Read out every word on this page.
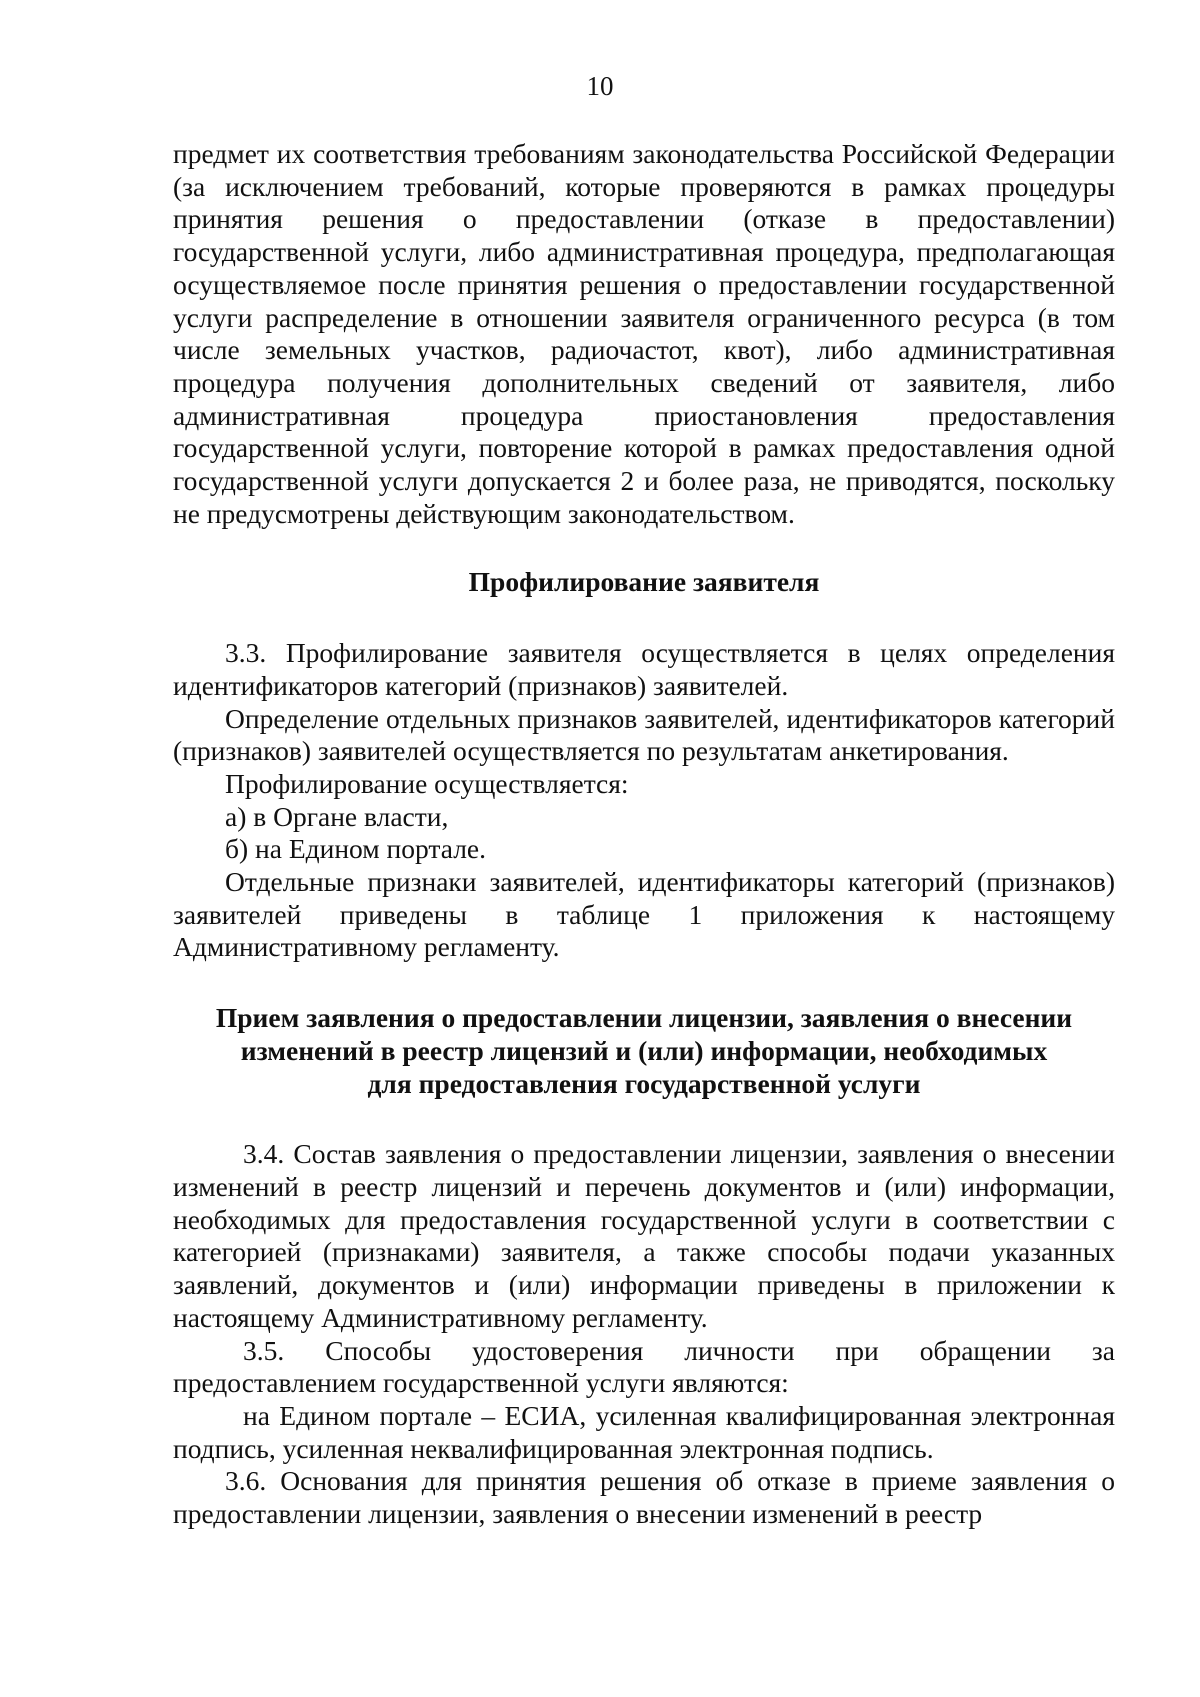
10

предмет их соответствия требованиям законодательства Российской Федерации (за исключением требований, которые проверяются в рамках процедуры принятия решения о предоставлении (отказе в предоставлении) государственной услуги, либо административная процедура, предполагающая осуществляемое после принятия решения о предоставлении государственной услуги распределение в отношении заявителя ограниченного ресурса (в том числе земельных участков, радиочастот, квот), либо административная процедура получения дополнительных сведений от заявителя, либо административная процедура приостановления предоставления государственной услуги, повторение которой в рамках предоставления одной государственной услуги допускается 2 и более раза, не приводятся, поскольку не предусмотрены действующим законодательством.

Профилирование заявителя

3.3. Профилирование заявителя осуществляется в целях определения идентификаторов категорий (признаков) заявителей.

Определение отдельных признаков заявителей, идентификаторов категорий (признаков) заявителей осуществляется по результатам анкетирования.

Профилирование осуществляется:

а) в Органе власти,

б) на Едином портале.

Отдельные признаки заявителей, идентификаторы категорий (признаков) заявителей приведены в таблице 1 приложения к настоящему Административному регламенту.

Прием заявления о предоставлении лицензии, заявления о внесении
изменений в реестр лицензий и (или) информации, необходимых
для предоставления государственной услуги

3.4. Состав заявления о предоставлении лицензии, заявления о внесении изменений в реестр лицензий и перечень документов и (или) информации, необходимых для предоставления государственной услуги в соответствии с категорией (признаками) заявителя, а также способы подачи указанных заявлений, документов и (или) информации приведены в приложении к настоящему Административному регламенту.

3.5. Способы удостоверения личности при обращении за предоставлением государственной услуги являются:

на Едином портале – ЕСИА, усиленная квалифицированная электронная подпись, усиленная неквалифицированная электронная подпись.

3.6. Основания для принятия решения об отказе в приеме заявления о предоставлении лицензии, заявления о внесении изменений в реестр
